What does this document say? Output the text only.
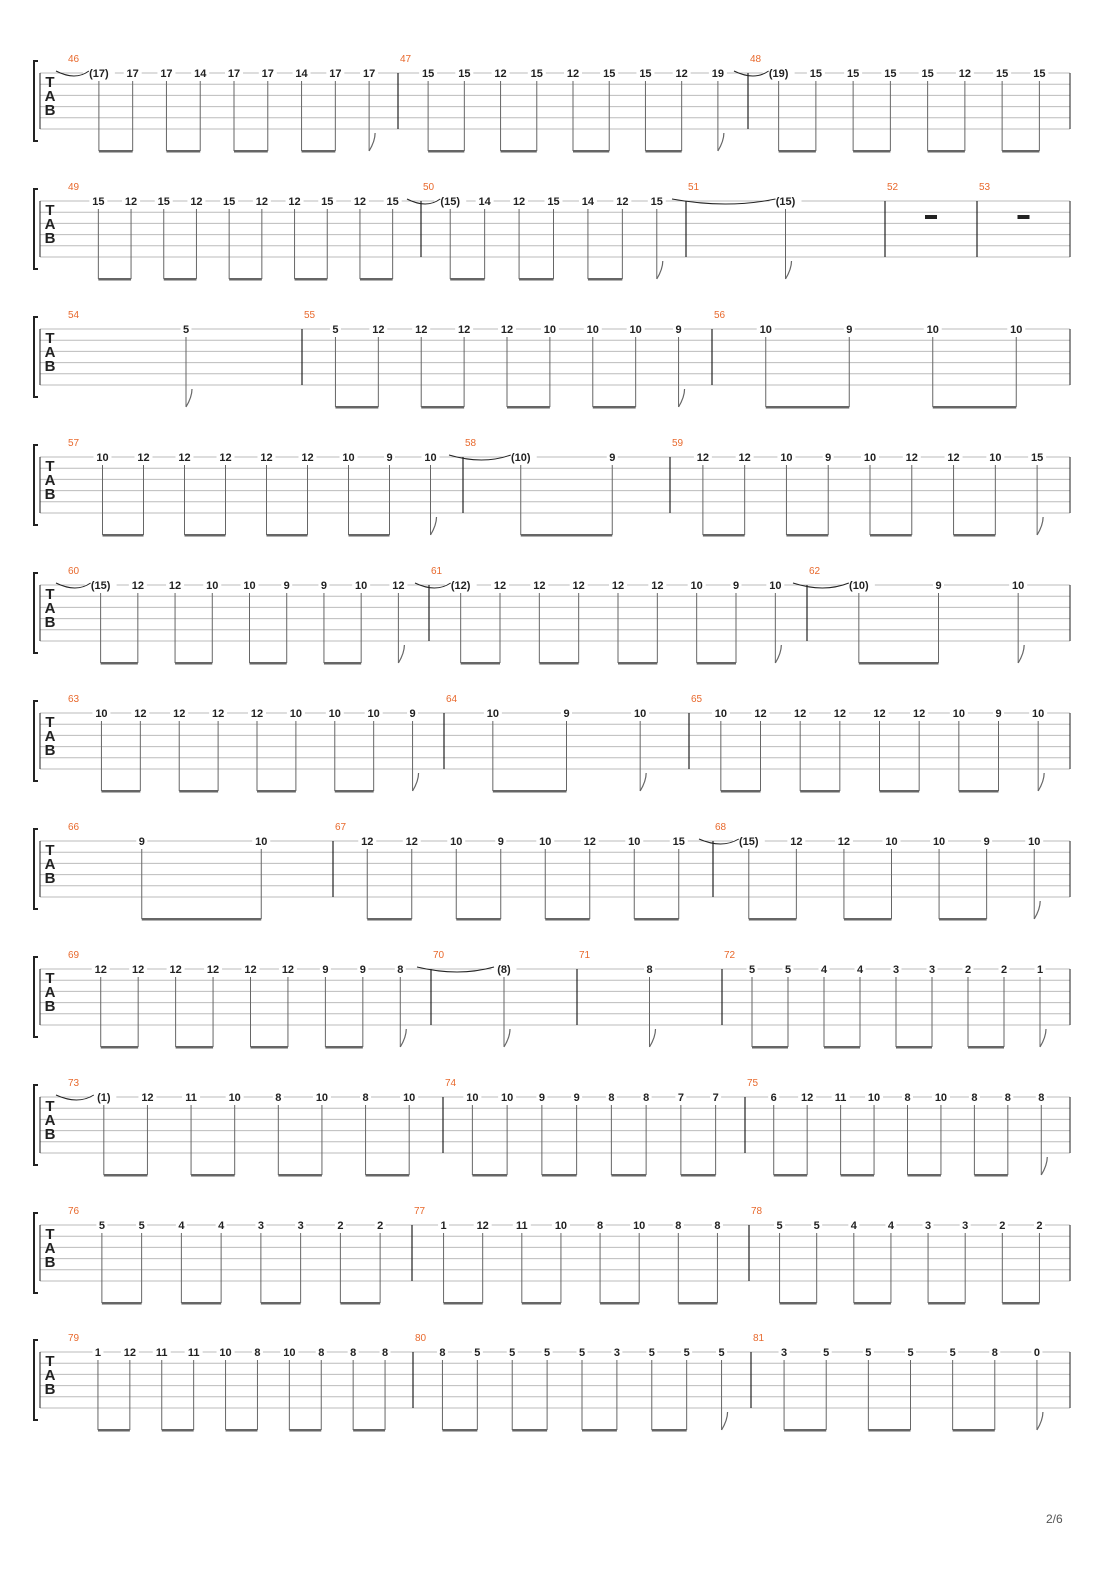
T
A
B
46
(17) 17 17 14 17 17 14 17 17
47
15 15 12 15 12 15 15 12 19
48
(19) 15 15 15 15 12 15 15
T
A
B
49
15 12 15 12 15 12 12 15 12 15
50
(15) 14 12 15 14 12 15
51
(15)
52	53
T
A
B
54
5
55
5	12	12	12	12	10	10	10	9
56
10	9	10	10
T
A
B
57
10	12	12	12	12	12	10	9	10
58
(10)	9
59
12	12	10	9	10	12	12	10	15
T
A
B
60
(15) 12 12 10 10	9	9	10 12
61
(12) 12 12 12 12 12 10	9	10
62
(10)	9	10
T
A
B
63
10 12 12 12 12 10 10 10	9
64
10	9	10
65
10 12 12 12 12 12 10	9	10
T
A
B
66
9	10
67
12	12	10	9	10	12	10	15
68
(15)	12	12	10	10	9	10
T
A
B
69
12 12 12 12 12 12	9	9	8
70
(8)
71
8
72
5	5	4	4	3	3	2	2	1
T
A
B
73
(1)	12	11	10	8	10	8	10
74
10 10 9	9	8	8	7	7
75
6 12 11 10 8 10 8 8 8
T
A
B
76
5	5	4	4	3	3	2	2
77
1	12 11 10	8	10	8	8
78
5	5	4	4	3	3	2	2
T
A
B
79
1 12 11 11 10 8 10 8 8 8
80
8	5	5	5	5	3	5	5	5
81
3	5	5	5	5	8	0
2/6
